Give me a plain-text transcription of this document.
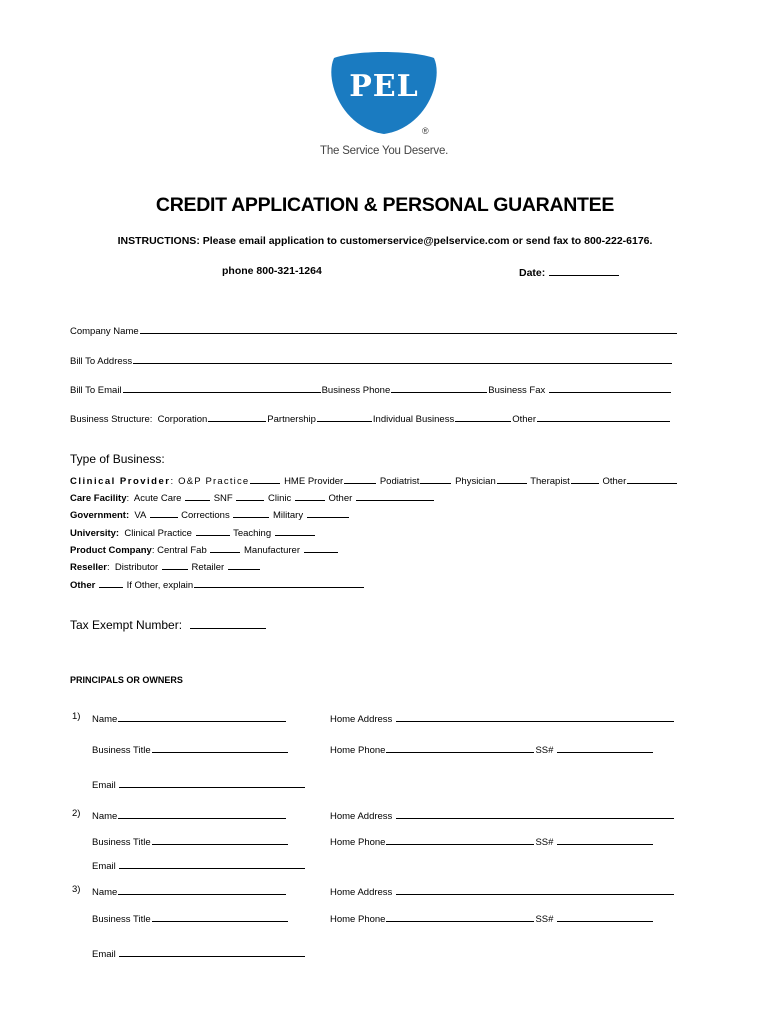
PEL
®
The Service You Deserve.
CREDIT APPLICATION & PERSONAL GUARANTEE
INSTRUCTIONS: Please email application to customerservice@pelservice.com or send fax to 800-222-6176.
phone 800-321-1264	Date:
Company Name
Bill To Address
Bill To Email	Business Phone	Business Fax
Business Structure: Corporation	Partnership	Individual Business	Other
Type of Business:
Clinical Provider: O&P Practice	HME Provider	Podiatrist	Physician	Therapist	Other
Care Facility:  Acute Care	SNF	Clinic	Other
Government: VA	Corrections	Military
University: Clinical Practice	Teaching
Product Company: Central Fab	Manufacturer
Reseller:  Distributor	Retailer
Other	If Other, explain
Tax Exempt Number:
PRINCIPALS OR OWNERS
1) Name	Home Address
Business Title	Home Phone	SS#
Email
2) Name	Home Address
Business Title	Home Phone	SS#
Email
3) Name	Home Address
Business Title	Home Phone	SS#
Email
